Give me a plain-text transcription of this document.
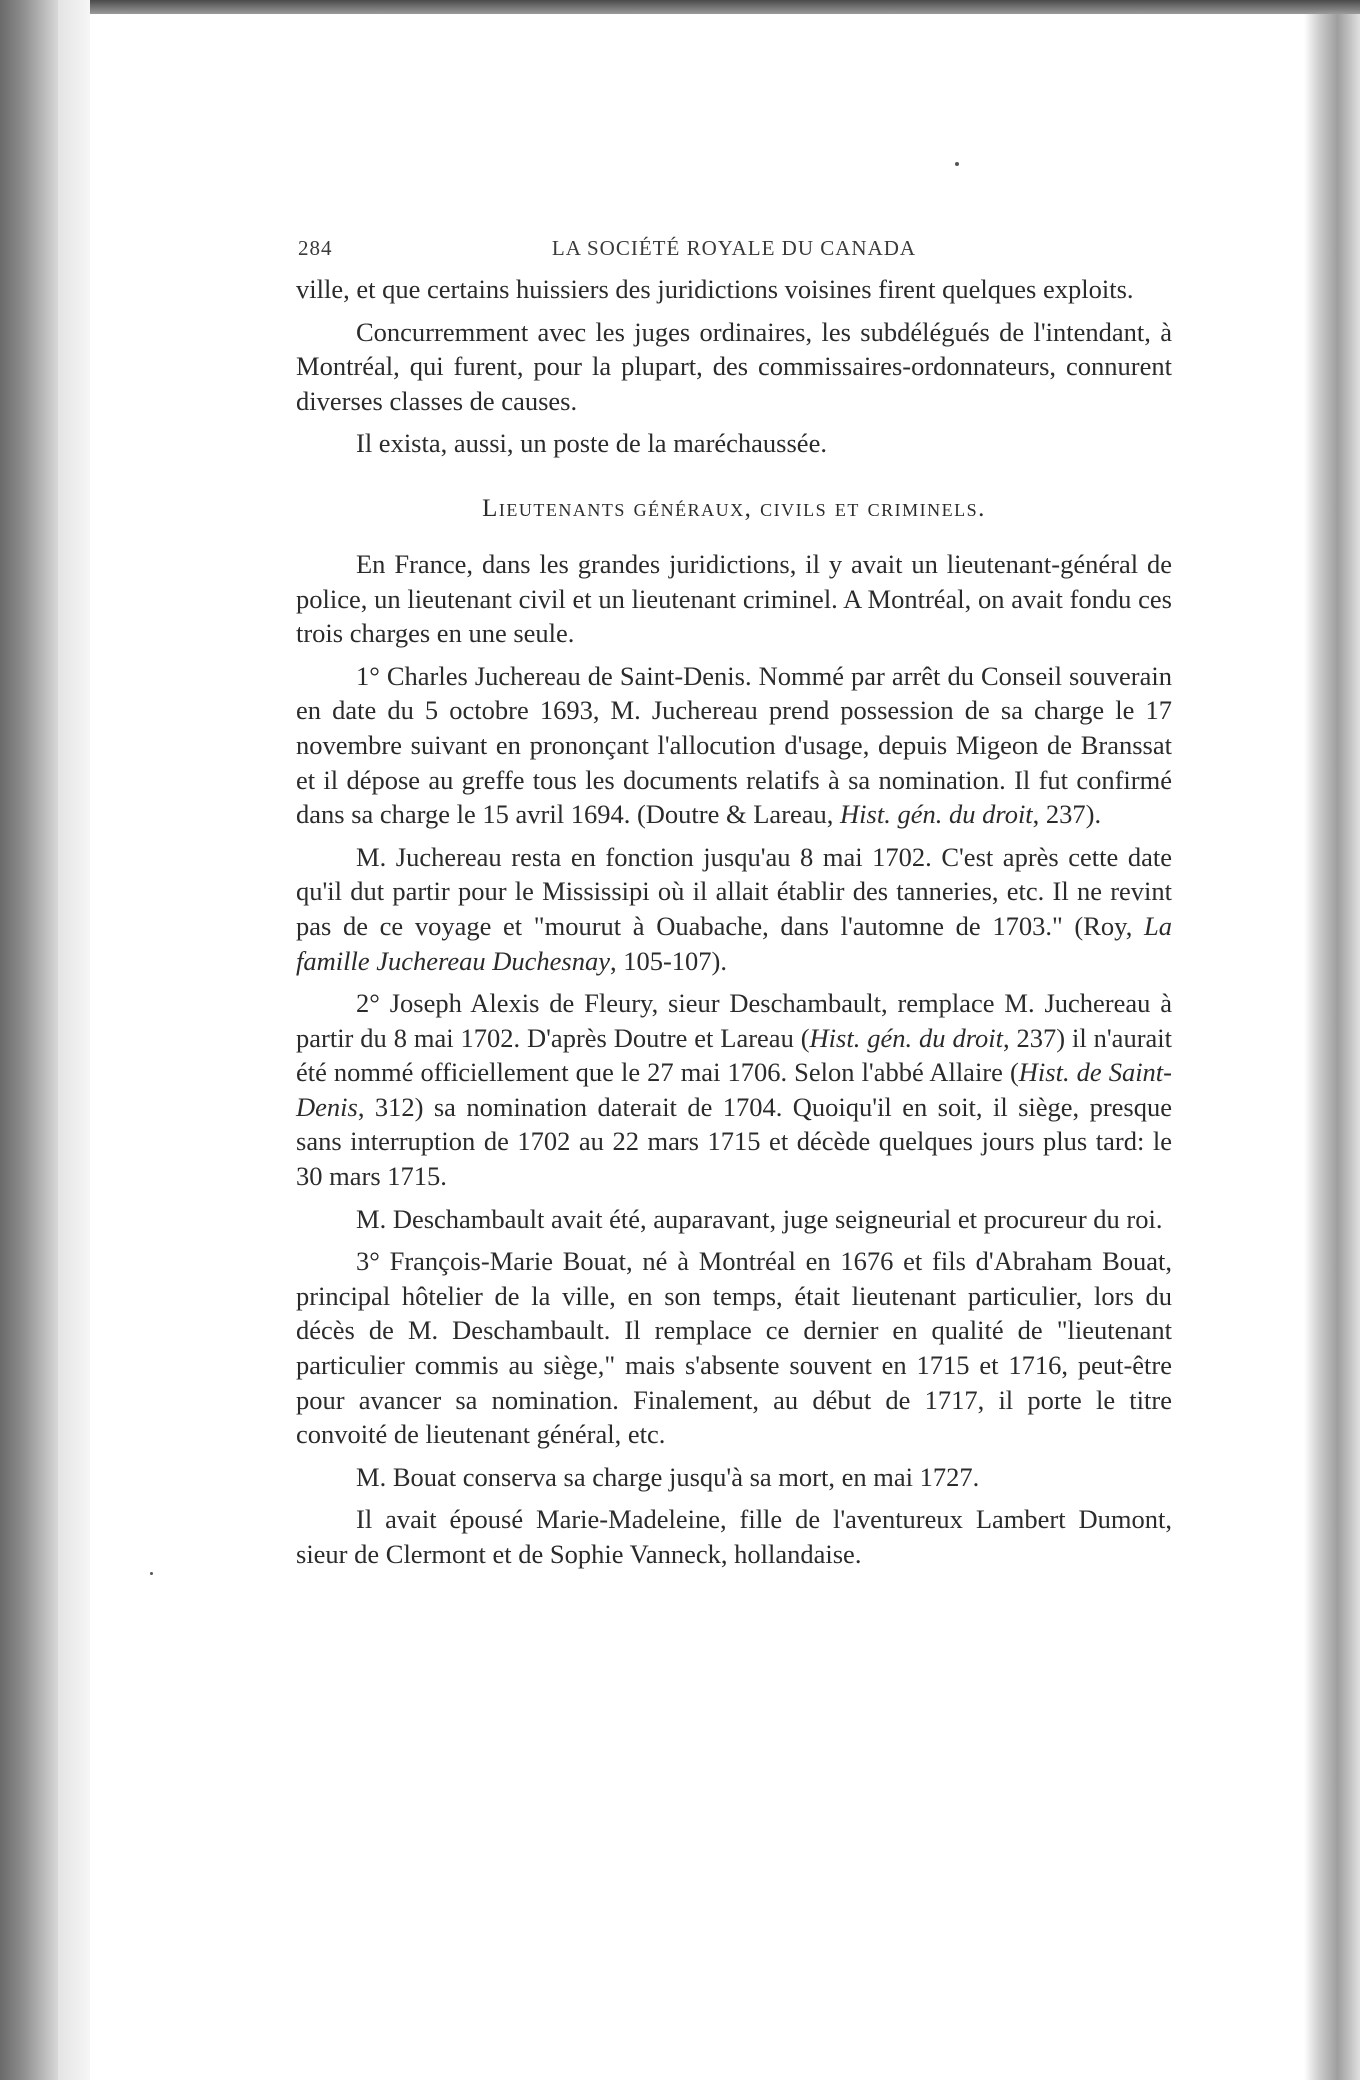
284	LA SOCIÉTÉ ROYALE DU CANADA

ville, et que certains huissiers des juridictions voisines firent quelques exploits.

Concurremment avec les juges ordinaires, les subdélégués de l'intendant, à Montréal, qui furent, pour la plupart, des commissaires-ordonnateurs, connurent diverses classes de causes.

Il exista, aussi, un poste de la maréchaussée.

Lieutenants généraux, civils et criminels.

En France, dans les grandes juridictions, il y avait un lieutenant-général de police, un lieutenant civil et un lieutenant criminel. A Montréal, on avait fondu ces trois charges en une seule.

1° Charles Juchereau de Saint-Denis. Nommé par arrêt du Conseil souverain en date du 5 octobre 1693, M. Juchereau prend possession de sa charge le 17 novembre suivant en prononçant l'allocution d'usage, depuis Migeon de Branssat et il dépose au greffe tous les documents relatifs à sa nomination. Il fut confirmé dans sa charge le 15 avril 1694. (Doutre & Lareau, Hist. gén. du droit, 237).

M. Juchereau resta en fonction jusqu'au 8 mai 1702. C'est après cette date qu'il dut partir pour le Mississipi où il allait établir des tanneries, etc. Il ne revint pas de ce voyage et "mourut à Ouabache, dans l'automne de 1703." (Roy, La famille Juchereau Duchesnay, 105-107).

2° Joseph Alexis de Fleury, sieur Deschambault, remplace M. Juchereau à partir du 8 mai 1702. D'après Doutre et Lareau (Hist. gén. du droit, 237) il n'aurait été nommé officiellement que le 27 mai 1706. Selon l'abbé Allaire (Hist. de Saint-Denis, 312) sa nomination daterait de 1704. Quoiqu'il en soit, il siège, presque sans interruption de 1702 au 22 mars 1715 et décède quelques jours plus tard: le 30 mars 1715.

M. Deschambault avait été, auparavant, juge seigneurial et procureur du roi.

3° François-Marie Bouat, né à Montréal en 1676 et fils d'Abraham Bouat, principal hôtelier de la ville, en son temps, était lieutenant particulier, lors du décès de M. Deschambault. Il remplace ce dernier en qualité de "lieutenant particulier commis au siège," mais s'absente souvent en 1715 et 1716, peut-être pour avancer sa nomination. Finalement, au début de 1717, il porte le titre convoité de lieutenant général, etc.

M. Bouat conserva sa charge jusqu'à sa mort, en mai 1727.

Il avait épousé Marie-Madeleine, fille de l'aventureux Lambert Dumont, sieur de Clermont et de Sophie Vanneck, hollandaise.
